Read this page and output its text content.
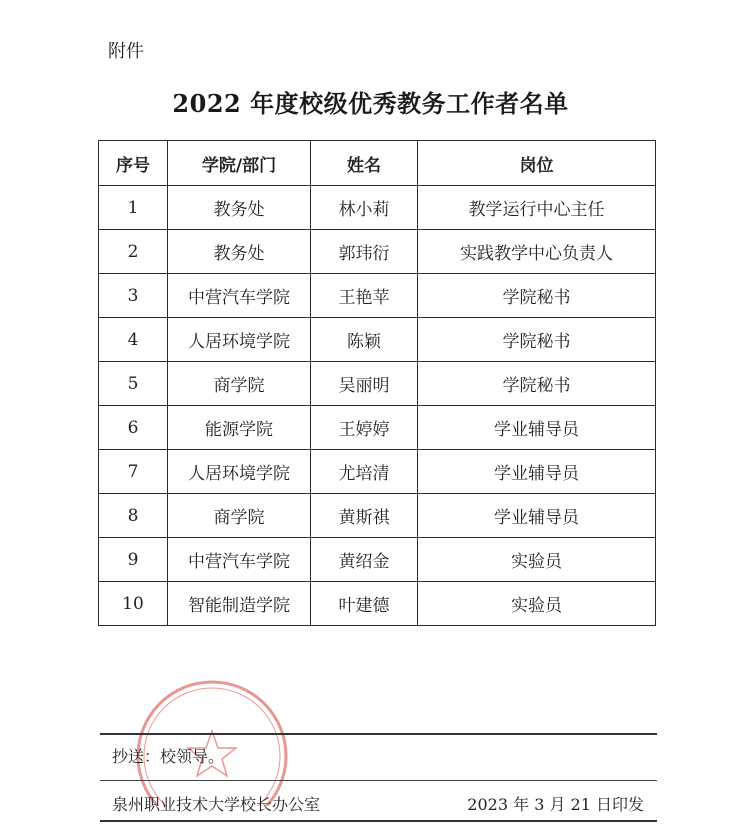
附件
2022 年度校级优秀教务工作者名单
序号	学院/部门	姓名	岗位
1	教务处	林小莉	教学运行中心主任
2	教务处	郭玮衍	实践教学中心负责人
3	中营汽车学院	王艳苹	学院秘书
4	人居环境学院	陈颖	学院秘书
5	商学院	吴丽明	学院秘书
6	能源学院	王婷婷	学业辅导员
7	人居环境学院	尤培清	学业辅导员
8	商学院	黄斯祺	学业辅导员
9	中营汽车学院	黄绍金	实验员
10	智能制造学院	叶建德	实验员
抄送：校领导。
泉州职业技术大学校长办公室	2023 年 3 月 21 日印发
